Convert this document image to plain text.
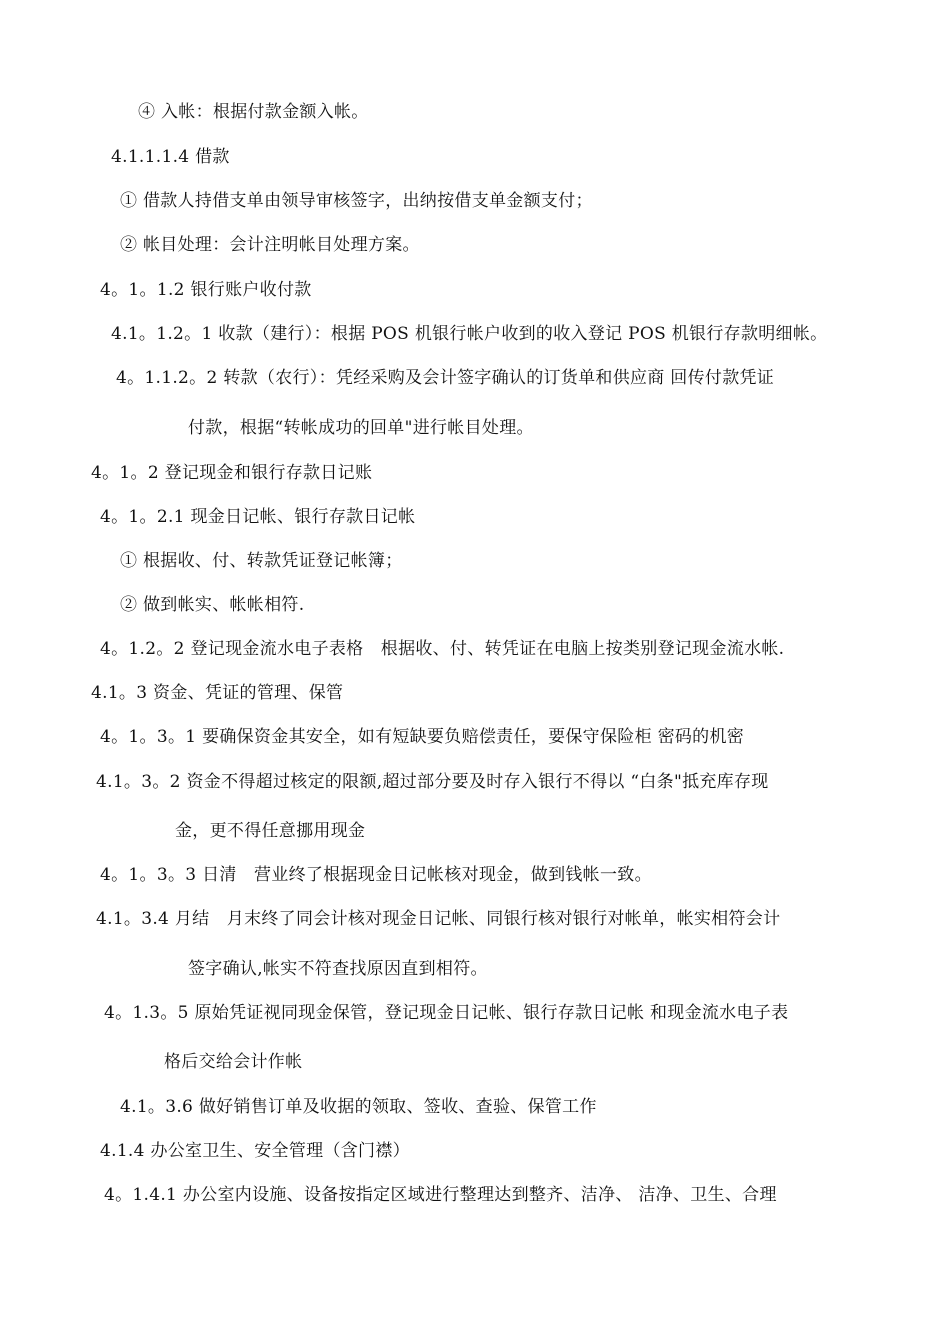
④ 入帐：根据付款金额入帐。
4.1.1.1.4 借款
① 借款人持借支单由领导审核签字，出纳按借支单金额支付；
② 帐目处理：会计注明帐目处理方案。
4。1。1.2 银行账户收付款
4.1。1.2。1 收款（建行）：根据 POS 机银行帐户收到的收入登记 POS 机银行存款明细帐。
4。1.1.2。2 转款（农行）：凭经采购及会计签字确认的订货单和供应商 回传付款凭证
付款，根据“转帐成功的回单"进行帐目处理。
4。1。2 登记现金和银行存款日记账
4。1。2.1 现金日记帐、银行存款日记帐
① 根据收、付、转款凭证登记帐簿；
② 做到帐实、帐帐相符.
4。1.2。2 登记现金流水电子表格　根据收、付、转凭证在电脑上按类别登记现金流水帐.
4.1。3 资金、凭证的管理、保管
4。1。3。1 要确保资金其安全，如有短缺要负赔偿责任，要保守保险柜 密码的机密
4.1。3。2 资金不得超过核定的限额,超过部分要及时存入银行不得以 “白条"抵充库存现
金，更不得任意挪用现金
4。1。3。3 日清　营业终了根据现金日记帐核对现金，做到钱帐一致。
4.1。3.4 月结　月末终了同会计核对现金日记帐、同银行核对银行对帐单，帐实相符会计
签字确认,帐实不符查找原因直到相符。
4。1.3。5 原始凭证视同现金保管，登记现金日记帐、银行存款日记帐 和现金流水电子表
格后交给会计作帐
4.1。3.6 做好销售订单及收据的领取、签收、查验、保管工作
4.1.4 办公室卫生、安全管理（含门襟）
4。1.4.1 办公室内设施、设备按指定区域进行整理达到整齐、洁净、 洁净、卫生、合理
